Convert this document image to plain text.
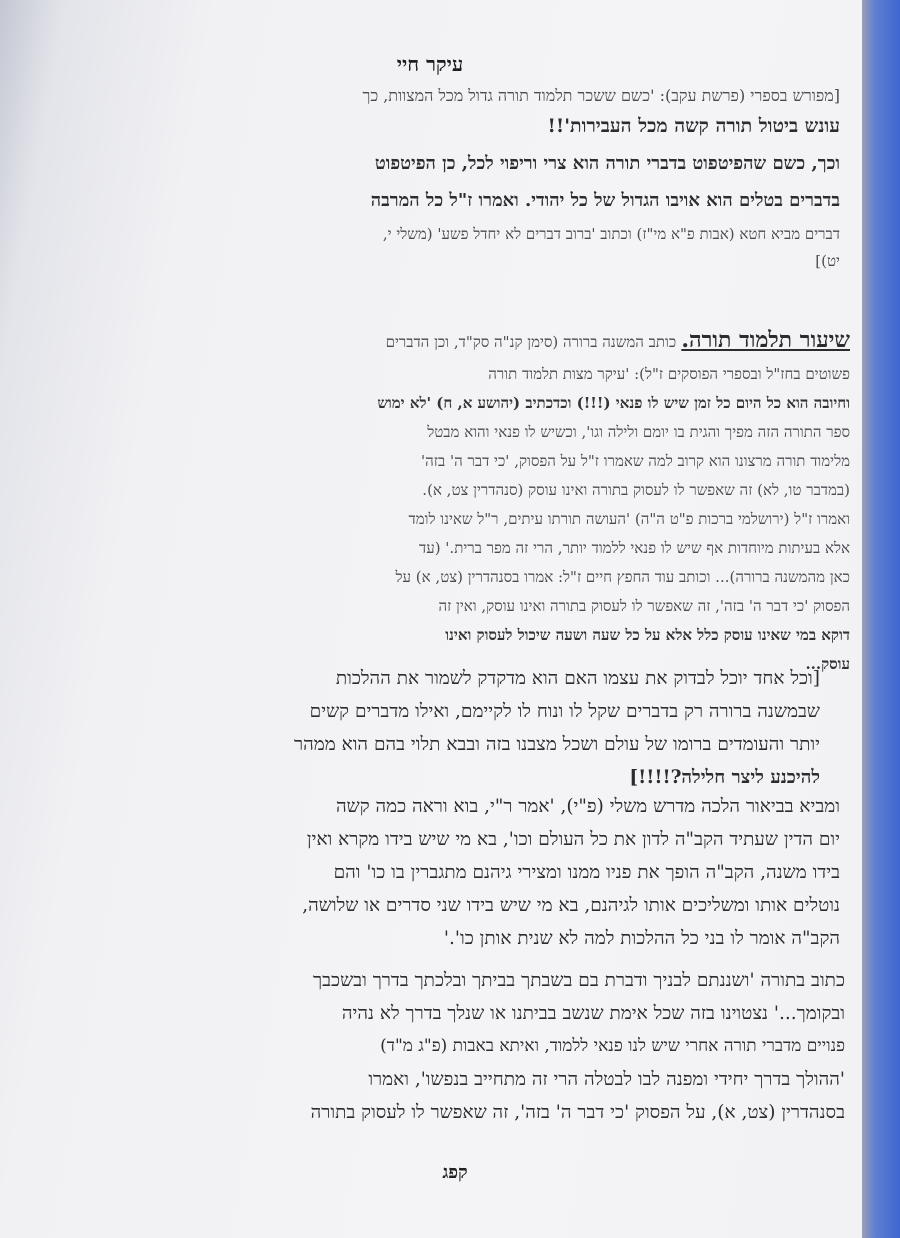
עיקר חיי

[מפורש בספרי (פרשת עקב): 'כשם ששכר תלמוד תורה גדול מכל המצוות, כך

עונש ביטול תורה קשה מכל העבירות'!!

וכך, כשם שהפיטפוט בדברי תורה הוא צרי וריפוי לכל, כן הפיטפוט

בדברים בטלים הוא אויבו הגדול של כל יהודי. ואמרו ז"ל כל המרבה

דברים מביא חטא (אבות פ"א מי"ז) וכתוב 'ברוב דברים לא יחדל פשע' (משלי י,

יט)]

שיעור תלמוד תורה. כותב המשנה ברורה (סימן קנ"ה סק"ד, וכן הדברים

פשוטים בחז"ל ובספרי הפוסקים ז"ל): 'עיקר מצות תלמוד תורה

וחיובה הוא כל היום כל זמן שיש לו פנאי (!!!) וכדכתיב (יהושע א, ח) 'לא ימוש

ספר התורה הזה מפיך והגית בו יומם ולילה וגו', וכשיש לו פנאי והוא מבטל

מלימוד תורה מרצונו הוא קרוב למה שאמרו ז"ל על הפסוק, 'כי דבר ה' בזה'

(במדבר טו, לא) זה שאפשר לו לעסוק בתורה ואינו עוסק (סנהדרין צט, א).

ואמרו ז"ל (ירושלמי ברכות פ"ט ה"ה) 'העושה תורתו עיתים, ר"ל שאינו לומד

אלא בעיתות מיוחדות אף שיש לו פנאי ללמוד יותר, הרי זה מפר ברית.' (עד

כאן מהמשנה ברורה)... וכותב עוד החפץ חיים ז"ל: אמרו בסנהדרין (צט, א) על

הפסוק 'כי דבר ה' בזה', זה שאפשר לו לעסוק בתורה ואינו עוסק, ואין זה

דוקא במי שאינו עוסק כלל אלא על כל שעה ושעה שיכול לעסוק ואינו

עוסק...

[וכל אחד יוכל לבדוק את עצמו האם הוא מדקדק לשמור את ההלכות

שבמשנה ברורה רק בדברים שקל לו ונוח לו לקיימם, ואילו מדברים קשים

יותר והעומדים ברומו של עולם ושכל מצבנו בזה ובבא תלוי בהם הוא ממהר

להיכנע ליצר חלילה?!!!!]

ומביא בביאור הלכה מדרש משלי (פ"י), 'אמר ר"י, בוא וראה כמה קשה

יום הדין שעתיד הקב"ה לדון את כל העולם וכו', בא מי שיש בידו מקרא ואין

בידו משנה, הקב"ה הופך את פניו ממנו ומצירי גיהנם מתגברין בו כו' והם

נוטלים אותו ומשליכים אותו לגיהנם, בא מי שיש בידו שני סדרים או שלושה,

הקב"ה אומר לו בני כל ההלכות למה לא שנית אותן כו'.'

כתוב בתורה 'ושננתם לבניך ודברת בם בשבתך בביתך ובלכתך בדרך ובשכבך

ובקומך...' נצטוינו בזה שכל אימת שנשב בביתנו או שנלך בדרך לא נהיה

פנויים מדברי תורה אחרי שיש לנו פנאי ללמוד, ואיתא באבות (פ"ג מ"ד)

'ההולך בדרך יחידי ומפנה לבו לבטלה הרי זה מתחייב בנפשו', ואמרו

בסנהדרין (צט, א), על הפסוק 'כי דבר ה' בזה', זה שאפשר לו לעסוק בתורה

קפג
